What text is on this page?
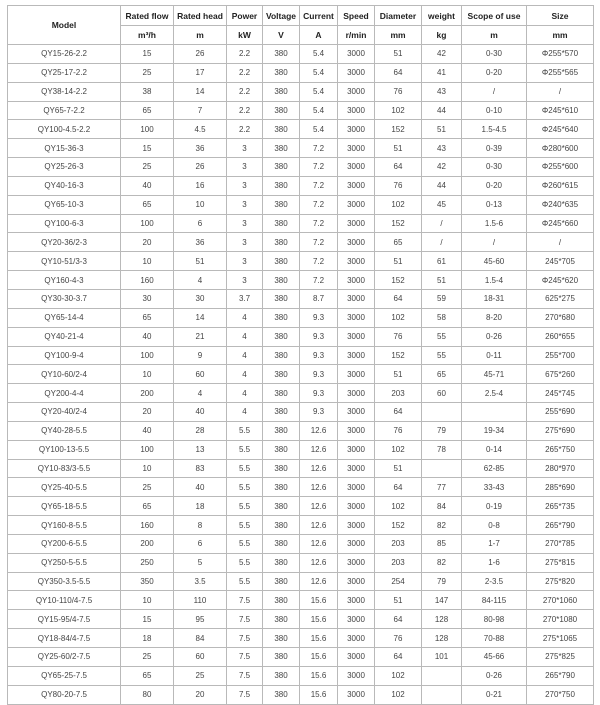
Model	Rated flow	Rated head	Power	Voltage	Current	Speed	Diameter	weight	Scope of use	Size
	m³/h	m	kW	V	A	r/min	mm	kg	m	mm
QY15-26-2.2	15	26	2.2	380	5.4	3000	51	42	0-30	Φ255*570
QY25-17-2.2	25	17	2.2	380	5.4	3000	64	41	0-20	Φ255*565
QY38-14-2.2	38	14	2.2	380	5.4	3000	76	43	/	/
QY65-7-2.2	65	7	2.2	380	5.4	3000	102	44	0-10	Φ245*610
QY100-4.5-2.2	100	4.5	2.2	380	5.4	3000	152	51	1.5-4.5	Φ245*640
QY15-36-3	15	36	3	380	7.2	3000	51	43	0-39	Φ280*600
QY25-26-3	25	26	3	380	7.2	3000	64	42	0-30	Φ255*600
QY40-16-3	40	16	3	380	7.2	3000	76	44	0-20	Φ260*615
QY65-10-3	65	10	3	380	7.2	3000	102	45	0-13	Φ240*635
QY100-6-3	100	6	3	380	7.2	3000	152	/	1.5-6	Φ245*660
QY20-36/2-3	20	36	3	380	7.2	3000	65	/	/	/
QY10-51/3-3	10	51	3	380	7.2	3000	51	61	45-60	245*705
QY160-4-3	160	4	3	380	7.2	3000	152	51	1.5-4	Φ245*620
QY30-30-3.7	30	30	3.7	380	8.7	3000	64	59	18-31	625*275
QY65-14-4	65	14	4	380	9.3	3000	102	58	8-20	270*680
QY40-21-4	40	21	4	380	9.3	3000	76	55	0-26	260*655
QY100-9-4	100	9	4	380	9.3	3000	152	55	0-11	255*700
QY10-60/2-4	10	60	4	380	9.3	3000	51	65	45-71	675*260
QY200-4-4	200	4	4	380	9.3	3000	203	60	2.5-4	245*745
QY20-40/2-4	20	40	4	380	9.3	3000	64			255*690
QY40-28-5.5	40	28	5.5	380	12.6	3000	76	79	19-34	275*690
QY100-13-5.5	100	13	5.5	380	12.6	3000	102	78	0-14	265*750
QY10-83/3-5.5	10	83	5.5	380	12.6	3000	51		62-85	280*970
QY25-40-5.5	25	40	5.5	380	12.6	3000	64	77	33-43	285*690
QY65-18-5.5	65	18	5.5	380	12.6	3000	102	84	0-19	265*735
QY160-8-5.5	160	8	5.5	380	12.6	3000	152	82	0-8	265*790
QY200-6-5.5	200	6	5.5	380	12.6	3000	203	85	1-7	270*785
QY250-5-5.5	250	5	5.5	380	12.6	3000	203	82	1-6	275*815
QY350-3.5-5.5	350	3.5	5.5	380	12.6	3000	254	79	2-3.5	275*820
QY10-110/4-7.5	10	110	7.5	380	15.6	3000	51	147	84-115	270*1060
QY15-95/4-7.5	15	95	7.5	380	15.6	3000	64	128	80-98	270*1080
QY18-84/4-7.5	18	84	7.5	380	15.6	3000	76	128	70-88	275*1065
QY25-60/2-7.5	25	60	7.5	380	15.6	3000	64	101	45-66	275*825
QY65-25-7.5	65	25	7.5	380	15.6	3000	102		0-26	265*790
QY80-20-7.5	80	20	7.5	380	15.6	3000	102		0-21	270*750
